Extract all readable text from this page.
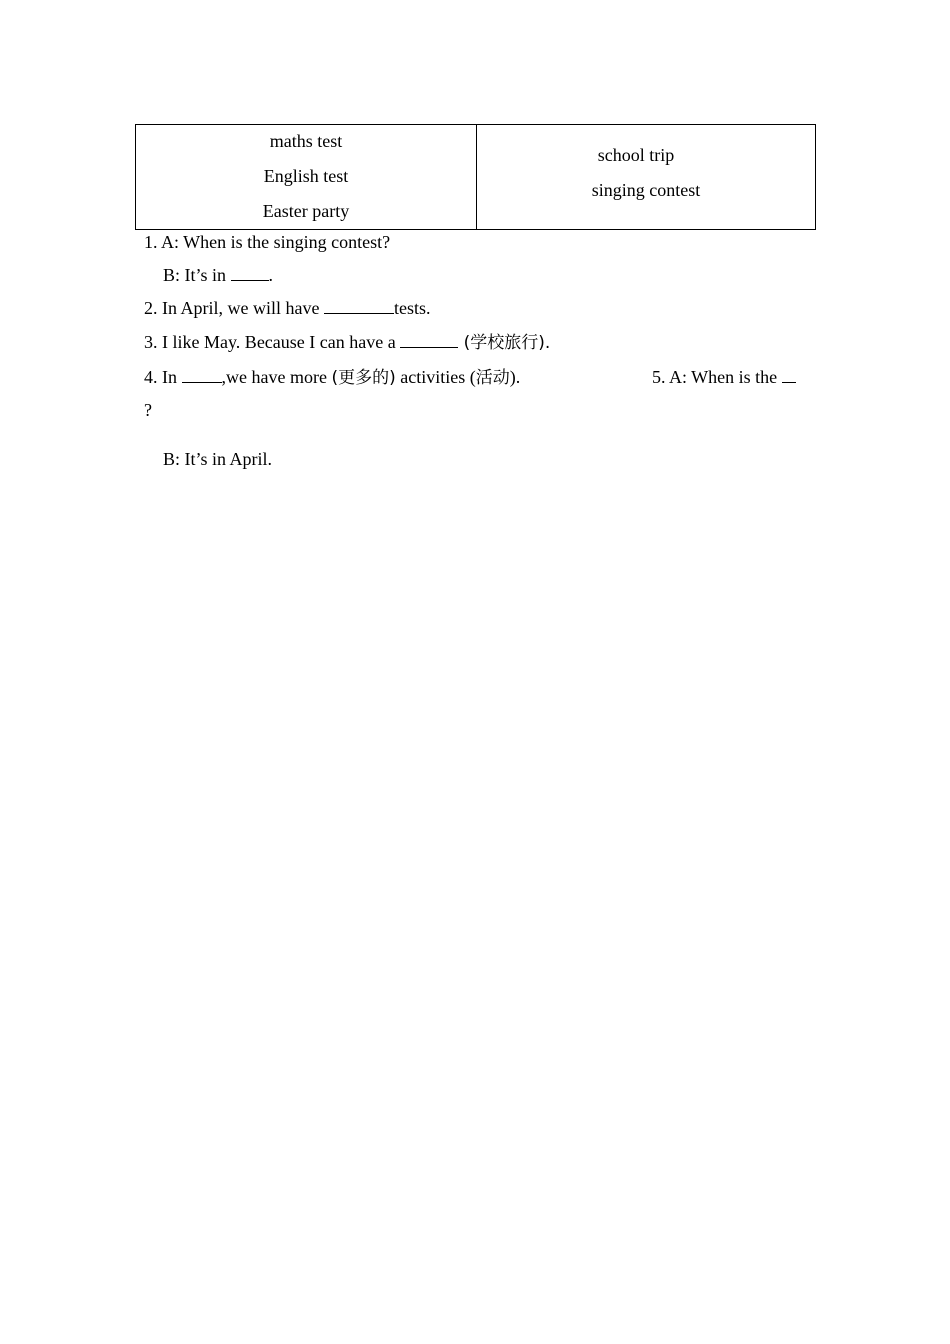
maths test
English test
Easter party

school trip
singing contest
1. A: When is the singing contest?
B: It’s in .
2. In April, we will have	tests.
3. I like May. Because I can have a	(学校旅行).
4. In ,we have more (更多的) activities (活动).	5. A: When is the
?
B: It’s in April.
